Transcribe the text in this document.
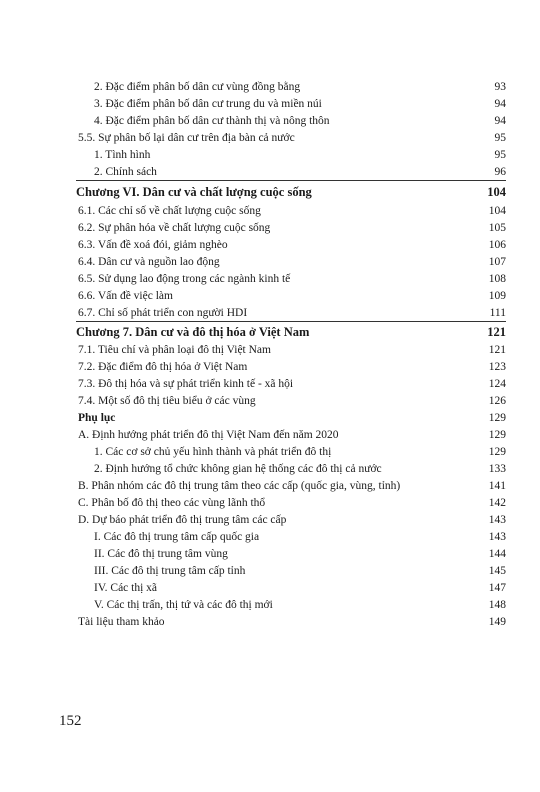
2. Đặc điểm phân bố dân cư vùng đồng bằng	93
3. Đặc điểm phân bố dân cư trung du và miền núi	94
4. Đặc điểm phân bố dân cư thành thị và nông thôn	94
5.5. Sự phân bố lại dân cư trên địa bàn cả nước	95
1. Tình hình	95
2. Chính sách	96
Chương VI. Dân cư và chất lượng cuộc sống	104
6.1. Các chỉ số về chất lượng cuộc sống	104
6.2. Sự phân hóa về chất lượng cuộc sống	105
6.3. Vấn đề xoá đói, giảm nghèo	106
6.4. Dân cư và nguồn lao động	107
6.5. Sử dụng lao động trong các ngành kinh tế	108
6.6. Vấn đề việc làm	109
6.7. Chỉ số phát triển con người HDI	111
Chương 7. Dân cư và đô thị hóa ở Việt Nam	121
7.1. Tiêu chí và phân loại đô thị Việt Nam	121
7.2. Đặc điểm đô thị hóa ở Việt Nam	123
7.3. Đô thị hóa và sự phát triển kinh tế - xã hội	124
7.4. Một số đô thị tiêu biểu ở các vùng	126
Phụ lục	129
A. Định hướng phát triển đô thị Việt Nam đến năm 2020	129
1. Các cơ sở chủ yếu hình thành và phát triển đô thị	129
2. Định hướng tổ chức không gian hệ thống các đô thị cả nước	133
B. Phân nhóm các đô thị trung tâm theo các cấp (quốc gia, vùng, tỉnh)	141
C. Phân bố đô thị theo các vùng lãnh thổ	142
D. Dự báo phát triển đô thị trung tâm các cấp	143
I. Các đô thị trung tâm cấp quốc gia	143
II. Các đô thị trung tâm vùng	144
III. Các đô thị trung tâm cấp tỉnh	145
IV. Các thị xã	147
V. Các thị trấn, thị tứ và các đô thị mới	148
Tài liệu tham khảo	149
152
